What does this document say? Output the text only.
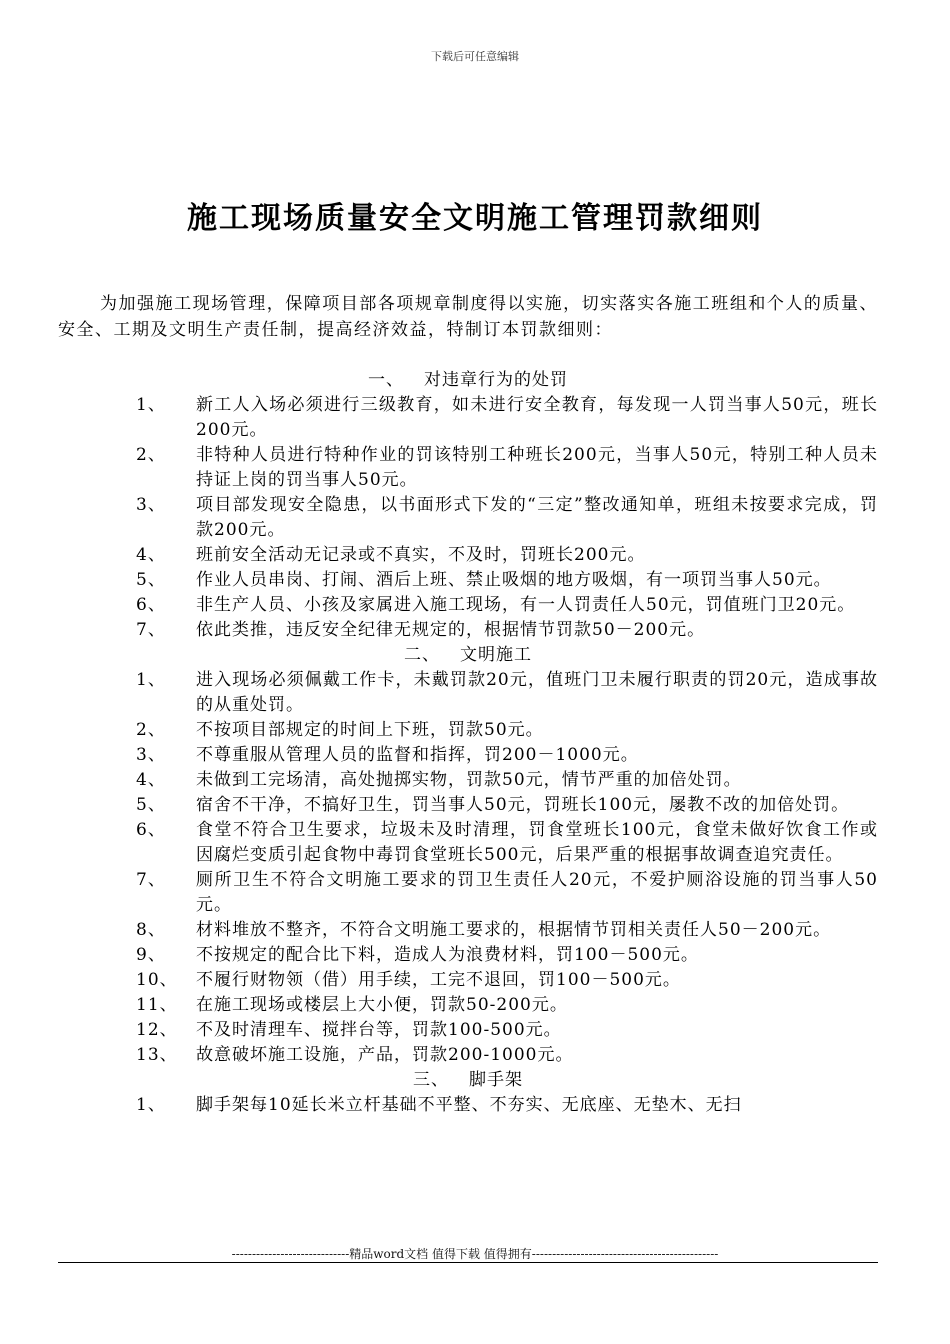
下载后可任意编辑
施工现场质量安全文明施工管理罚款细则

为加强施工现场管理，保障项目部各项规章制度得以实施，切实落实各施工班组和个人的质量、安全、工期及文明生产责任制，提高经济效益，特制订本罚款细则：

一、 对违章行为的处罚
1、	新工人入场必须进行三级教育，如未进行安全教育，每发现一人罚当事人50元，班长200元。
2、	非特种人员进行特种作业的罚该特别工种班长200元，当事人50元，特别工种人员未持证上岗的罚当事人50元。
3、	项目部发现安全隐患，以书面形式下发的“三定”整改通知单，班组未按要求完成，罚款200元。
4、	班前安全活动无记录或不真实，不及时，罚班长200元。
5、	作业人员串岗、打闹、酒后上班、禁止吸烟的地方吸烟，有一项罚当事人50元。
6、	非生产人员、小孩及家属进入施工现场，有一人罚责任人50元，罚值班门卫20元。
7、	依此类推，违反安全纪律无规定的，根据情节罚款50－200元。
二、 文明施工
1、	进入现场必须佩戴工作卡，未戴罚款20元，值班门卫未履行职责的罚20元，造成事故的从重处罚。
2、	不按项目部规定的时间上下班，罚款50元。
3、	不尊重服从管理人员的监督和指挥，罚200－1000元。
4、	未做到工完场清，高处抛掷实物，罚款50元，情节严重的加倍处罚。
5、	宿舍不干净，不搞好卫生，罚当事人50元，罚班长100元，屡教不改的加倍处罚。
6、	食堂不符合卫生要求，垃圾未及时清理，罚食堂班长100元，食堂未做好饮食工作或因腐烂变质引起食物中毒罚食堂班长500元，后果严重的根据事故调查追究责任。
7、	厕所卫生不符合文明施工要求的罚卫生责任人20元，不爱护厕浴设施的罚当事人50元。
8、	材料堆放不整齐，不符合文明施工要求的，根据情节罚相关责任人50－200元。
9、	不按规定的配合比下料，造成人为浪费材料，罚100－500元。
10、	不履行财物领（借）用手续，工完不退回，罚100－500元。
11、	在施工现场或楼层上大小便，罚款50-200元。
12、	不及时清理车、搅拌台等，罚款100-500元。
13、	故意破坏施工设施，产品，罚款200-1000元。
三、 脚手架
1、	脚手架每10延长米立杆基础不平整、不夯实、无底座、无垫木、无扫
-----------------------------精品word文档 值得下载 值得拥有----------------------------------------------
